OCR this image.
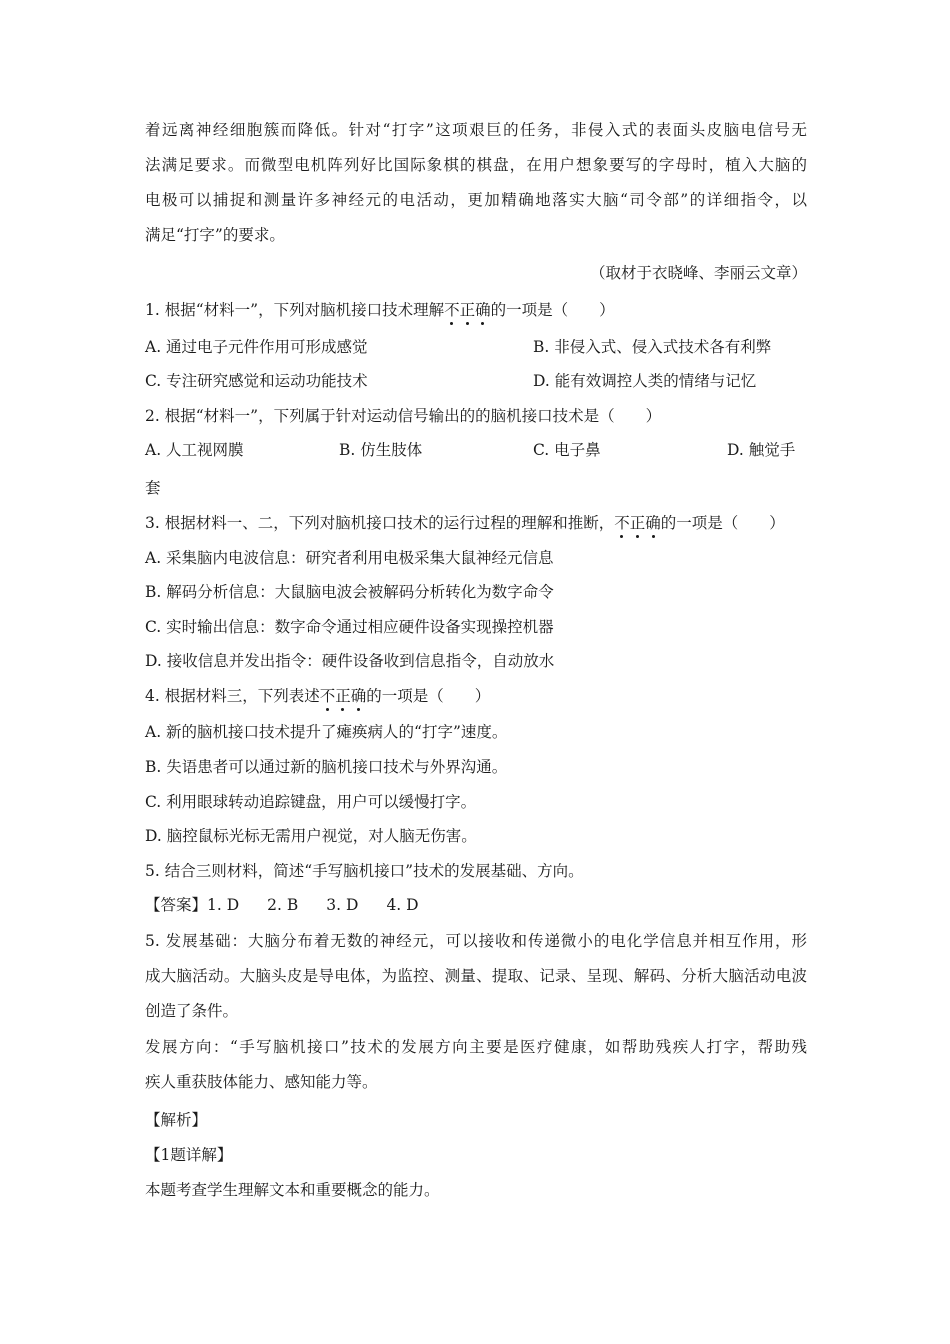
着远离神经细胞簇而降低。针对“打字”这项艰巨的任务，非侵入式的表面头皮脑电信号无
法满足要求。而微型电机阵列好比国际象棋的棋盘，在用户想象要写的字母时，植入大脑的
电极可以捕捉和测量许多神经元的电活动，更加精确地落实大脑“司令部”的详细指令，以
满足“打字”的要求。
（取材于衣晓峰、李丽云文章）
1. 根据“材料一”，下列对脑机接口技术理解不正确的一项是（　　）
A. 通过电子元件作用可形成感觉	B. 非侵入式、侵入式技术各有利弊
C. 专注研究感觉和运动功能技术	D. 能有效调控人类的情绪与记忆
2. 根据“材料一”，下列属于针对运动信号输出的的脑机接口技术是（　　）
A. 人工视网膜	B. 仿生肢体	C. 电子鼻	D. 触觉手
套
3. 根据材料一、二，下列对脑机接口技术的运行过程的理解和推断，不正确的一项是（　　）
A. 采集脑内电波信息：研究者利用电极采集大鼠神经元信息
B. 解码分析信息：大鼠脑电波会被解码分析转化为数字命令
C. 实时输出信息：数字命令通过相应硬件设备实现操控机器
D. 接收信息并发出指令：硬件设备收到信息指令，自动放水
4. 根据材料三，下列表述不正确的一项是（　　）
A. 新的脑机接口技术提升了瘫痪病人的“打字”速度。
B. 失语患者可以通过新的脑机接口技术与外界沟通。
C. 利用眼球转动追踪键盘，用户可以缓慢打字。
D. 脑控鼠标光标无需用户视觉，对人脑无伤害。
5. 结合三则材料，简述“手写脑机接口”技术的发展基础、方向。
【答案】1. D 2. B 3. D 4. D
5. 发展基础：大脑分布着无数的神经元，可以接收和传递微小的电化学信息并相互作用，形
成大脑活动。大脑头皮是导电体，为监控、测量、提取、记录、呈现、解码、分析大脑活动电波
创造了条件。
发展方向：“手写脑机接口”技术的发展方向主要是医疗健康，如帮助残疾人打字，帮助残
疾人重获肢体能力、感知能力等。
【解析】
【1题详解】
本题考查学生理解文本和重要概念的能力。
